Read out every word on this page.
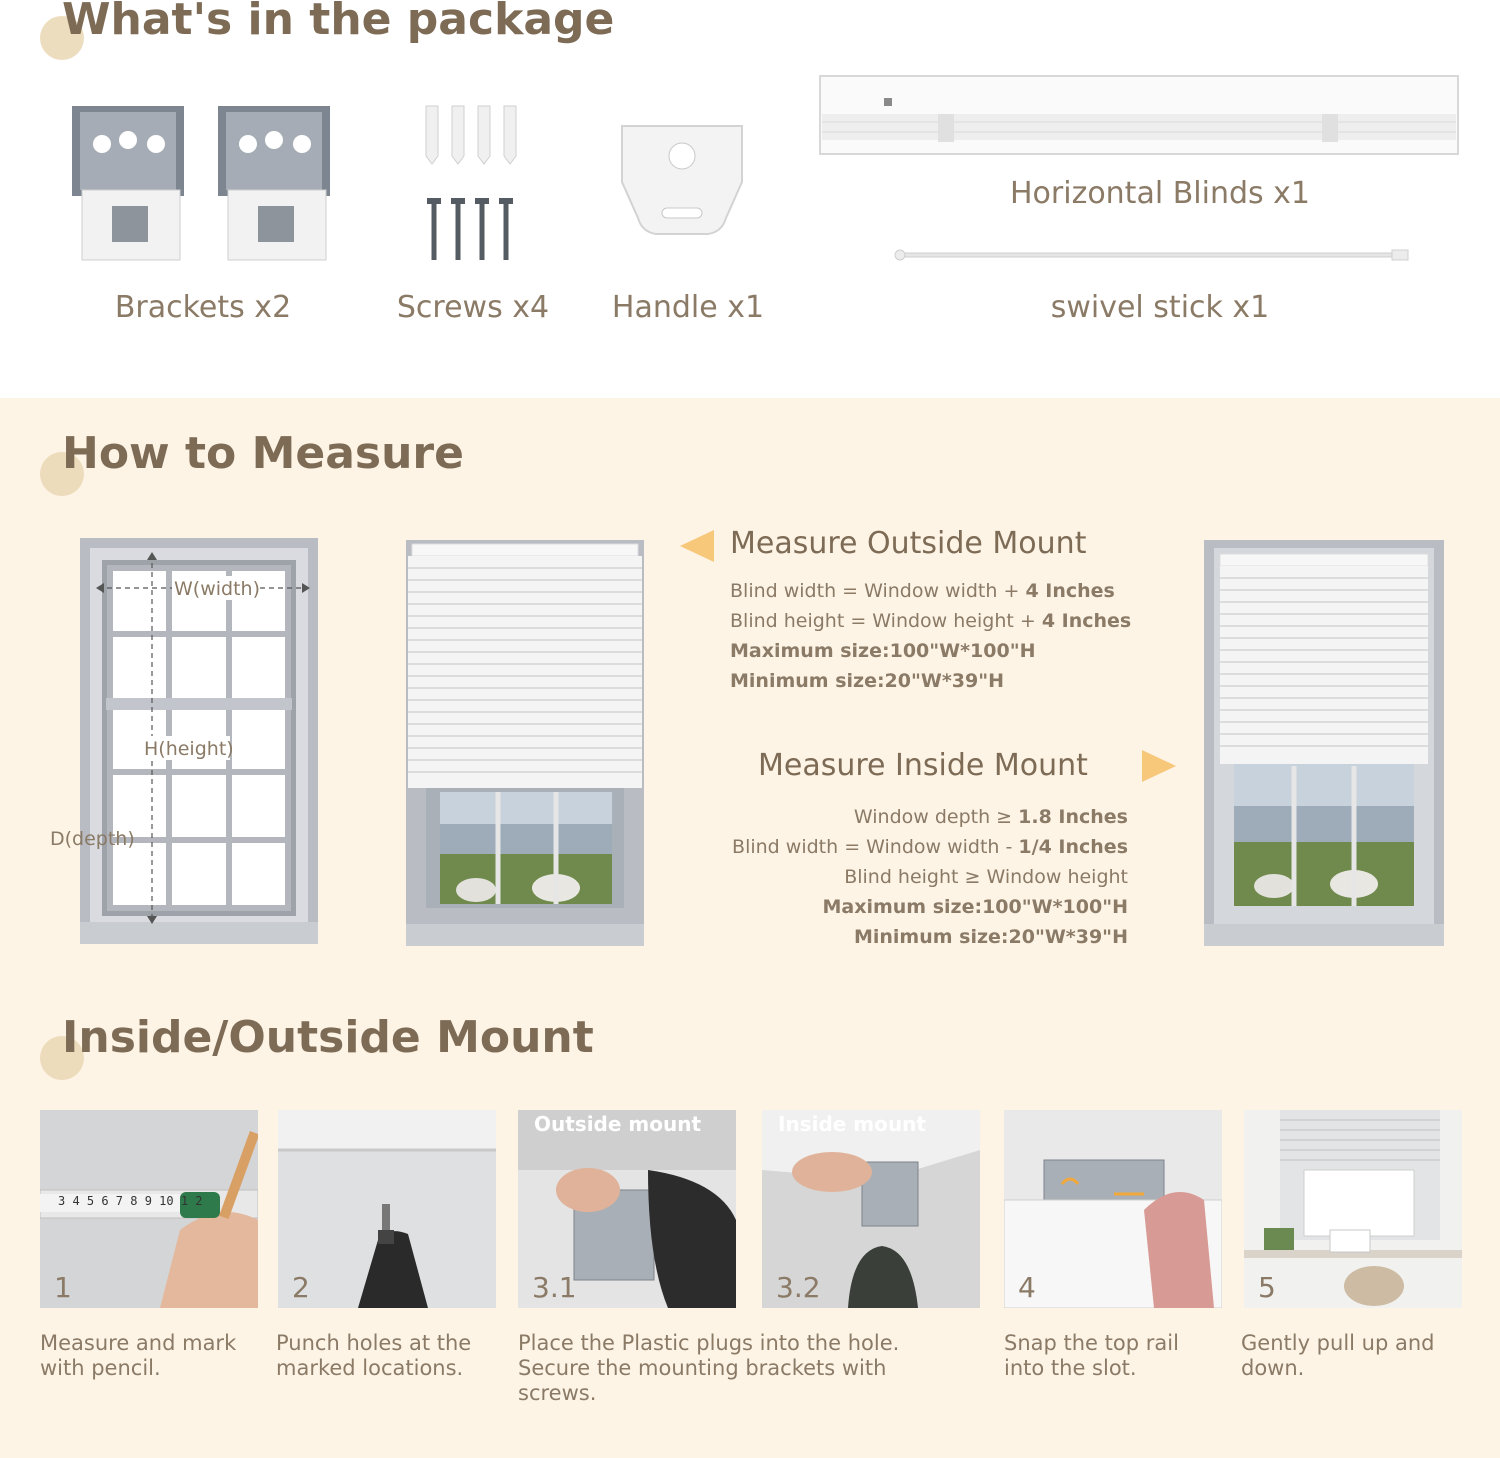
What's in the package
Brackets x2	Screws x4	Handle x1
Horizontal Blinds x1
swivel stick x1
How to Measure
W(width)
H(height)
D(depth)
Measure Outside Mount
Blind width = Window width + 4 Inches
Blind height = Window height + 4 Inches
Maximum size:100"W*100"H
Minimum size:20"W*39"H
Measure Inside Mount
Window depth ≥ 1.8 Inches
Blind width = Window width - 1/4 Inches
Blind height ≥ Window height
Maximum size:100"W*100"H
Minimum size:20"W*39"H
Inside/Outside Mount
3 4 5 6 7 8 9 10 1 2
1
Measure and mark with pencil.
2
Punch holes at the marked locations.
Outside mount
3.1
Place the Plastic plugs into the hole. Secure the mounting brackets with screws.
Inside mount
3.2	4
Snap the top rail into the slot.
5
Gently pull up and down.
